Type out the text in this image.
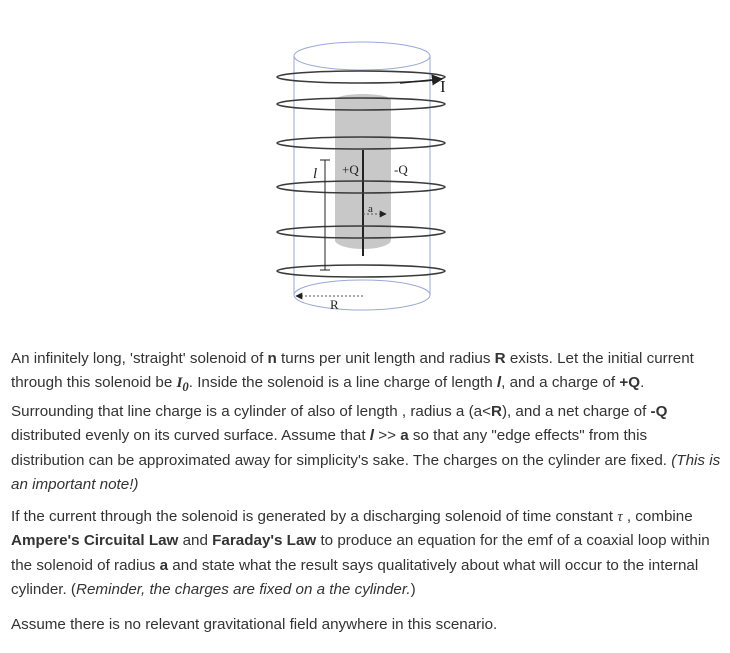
I
l +Q	-Q
a
R
An infinitely long, 'straight' solenoid of n turns per unit length and radius R exists. Let the initial current through this solenoid be $I_0$. Inside the solenoid is a line charge of length l, and a charge of +Q. Surrounding that line charge is a cylinder of also of length , radius a (a<R), and a net charge of -Q distributed evenly on its curved surface. Assume that l >> a so that any "edge effects" from this distribution can be approximated away for simplicity's sake. The charges on the cylinder are fixed. (This is an important note!)
If the current through the solenoid is generated by a discharging solenoid of time constant τ , combine Ampere's Circuital Law and Faraday's Law to produce an equation for the emf of a coaxial loop within the solenoid of radius a and state what the result says qualitatively about what will occur to the internal cylinder. (Reminder, the charges are fixed on a the cylinder.)
Assume there is no relevant gravitational field anywhere in this scenario.
